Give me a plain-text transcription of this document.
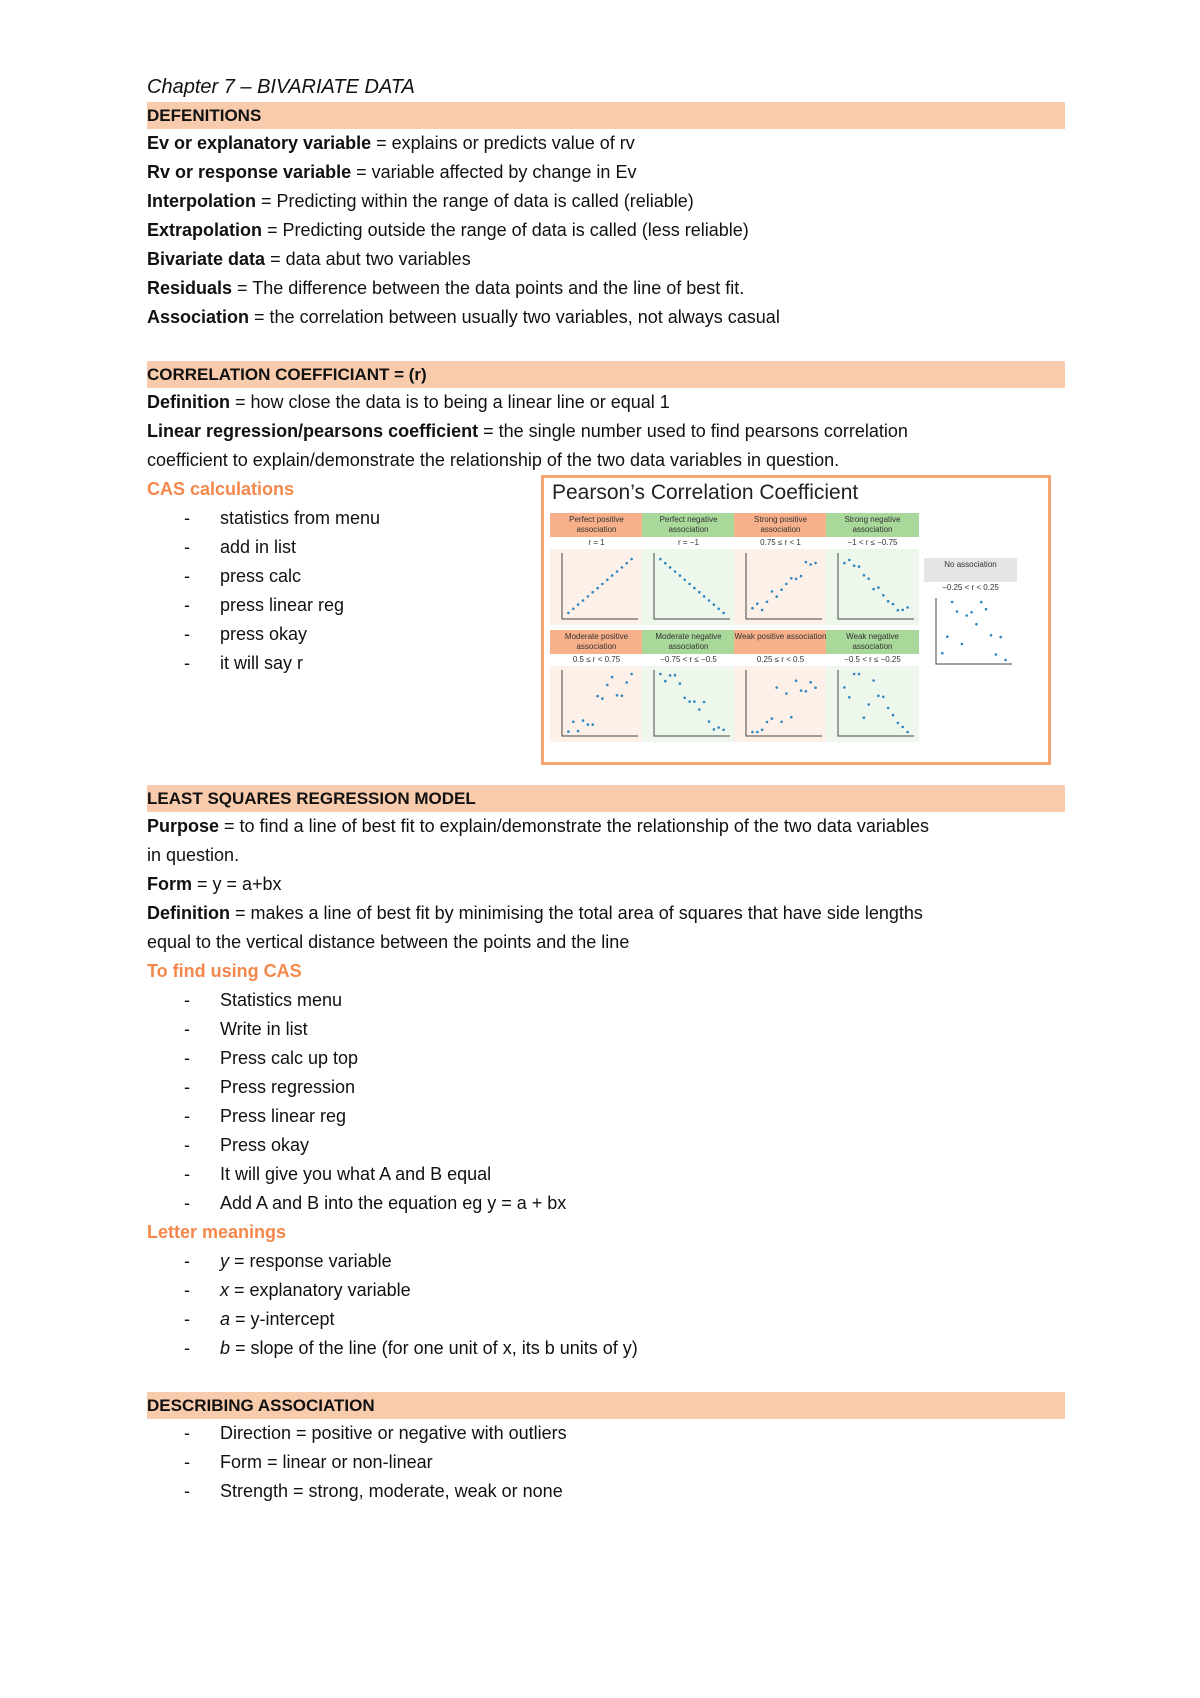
Chapter 7 – BIVARIATE DATA
DEFENITIONS
Ev or explanatory variable = explains or predicts value of rv
Rv or response variable = variable affected by change in Ev
Interpolation = Predicting within the range of data is called (reliable)
Extrapolation = Predicting outside the range of data is called (less reliable)
Bivariate data = data abut two variables
Residuals = The difference between the data points and the line of best fit.
Association = the correlation between usually two variables, not always casual
CORRELATION COEFFICIANT = (r)
Definition = how close the data is to being a linear line or equal 1
Linear regression/pearsons coefficient = the single number used to find pearsons correlation
coefficient to explain/demonstrate the relationship of the two data variables in question.
CAS calculations
- statistics from menu
- add in list
- press calc
- press linear reg
- press okay
- it will say r
Pearson’s Correlation Coefficient
Perfect positive association
r = 1
Perfect negative association
r = −1
Strong positive association
0.75 ≤ r < 1
Strong negative association
−1 < r ≤ −0.75
Moderate positive association
0.5 ≤ r < 0.75
Moderate negative association
−0.75 < r ≤ −0.5
Weak positive association
0.25 ≤ r < 0.5
Weak negative association
−0.5 < r ≤ −0.25
No association
−0.25 < r < 0.25
LEAST SQUARES REGRESSION MODEL
Purpose = to find a line of best fit to explain/demonstrate the relationship of the two data variables
in question.
Form = y = a+bx
Definition = makes a line of best fit by minimising the total area of squares that have side lengths
equal to the vertical distance between the points and the line
To find using CAS
- Statistics menu
- Write in list
- Press calc up top
- Press regression
- Press linear reg
- Press okay
- It will give you what A and B equal
- Add A and B into the equation eg y = a + bx
Letter meanings
- y = response variable
- x = explanatory variable
- a = y-intercept
- b = slope of the line (for one unit of x, its b units of y)
DESCRIBING ASSOCIATION
- Direction = positive or negative with outliers
- Form = linear or non-linear
- Strength = strong, moderate, weak or none
